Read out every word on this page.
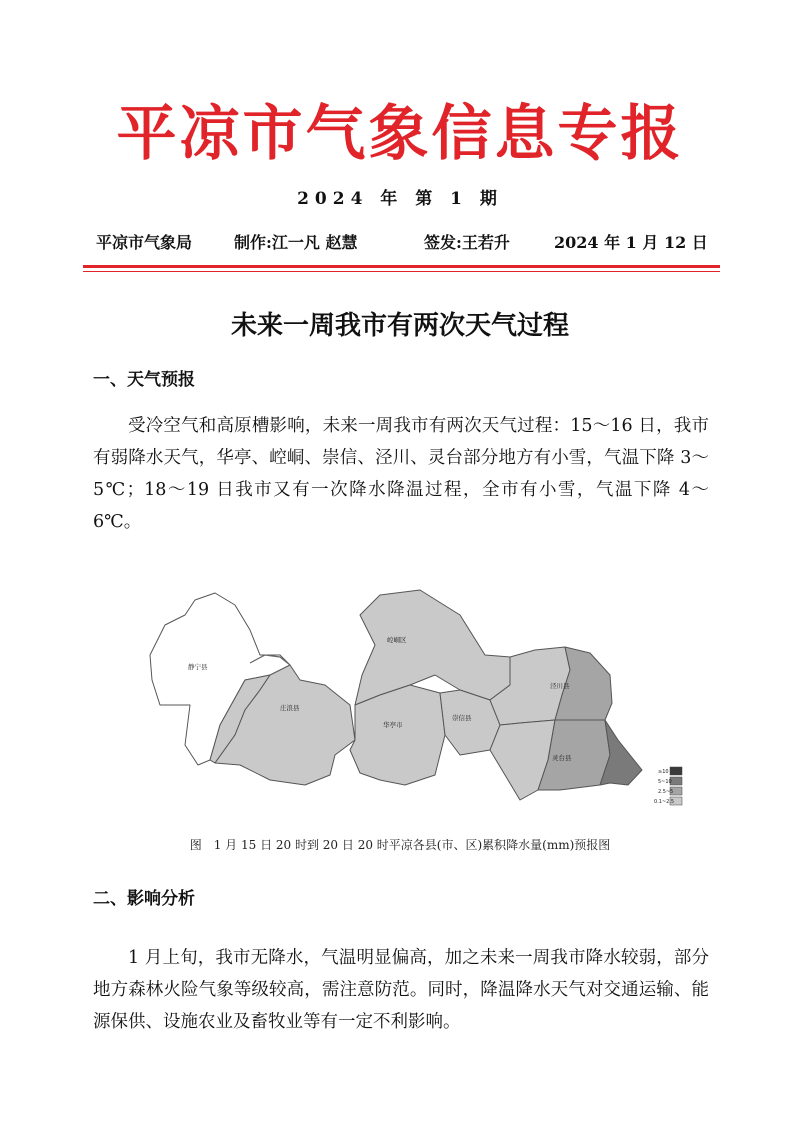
平凉市气象信息专报
2024 年 第 1 期
平凉市气象局	制作:江一凡 赵慧	签发:王若升	2024 年 1 月 12 日
未来一周我市有两次天气过程
一、天气预报

受冷空气和高原槽影响，未来一周我市有两次天气过程：15～16 日，我市有弱降水天气，华亭、崆峒、崇信、泾川、灵台部分地方有小雪，气温下降 3～5℃；18～19 日我市又有一次降水降温过程，全市有小雪，气温下降 4～6℃。

静宁县
庄浪县
崆峒区
华亭市
崇信县
泾川县
灵台县
≥10
5~10
2.5~5
0.1~2.5
图　1 月 15 日 20 时到 20 日 20 时平凉各县(市、区)累积降水量(mm)预报图
二、影响分析

1 月上旬，我市无降水，气温明显偏高，加之未来一周我市降水较弱，部分地方森林火险气象等级较高，需注意防范。同时，降温降水天气对交通运输、能源保供、设施农业及畜牧业等有一定不利影响。
